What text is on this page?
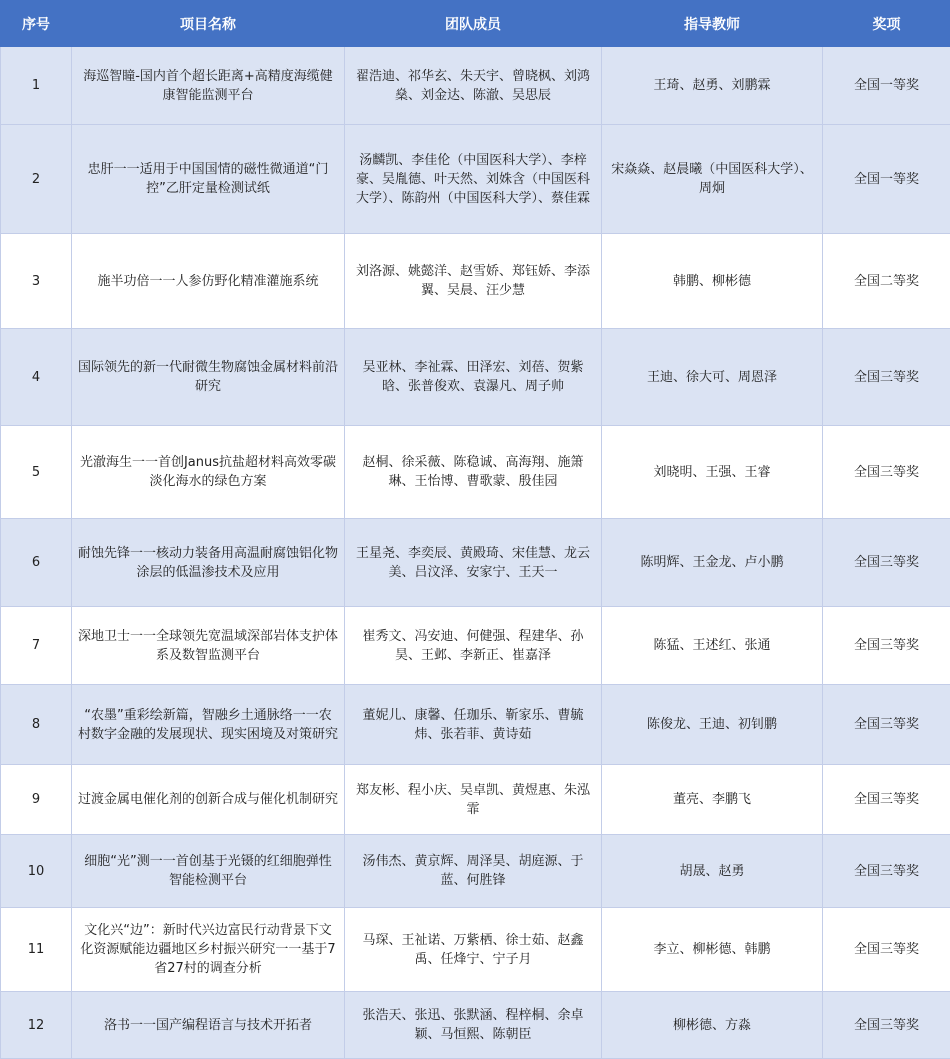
序号	项目名称	团队成员	指导教师	奖项
1	海巡智瞳-国内首个超长距离+高精度海缆健康智能监测平台	翟浩迪、祁华玄、朱天宇、曾晓枫、刘鸿燊、刘金达、陈澈、吴思辰	王琦、赵勇、刘鹏霖	全国一等奖
2	忠肝一一适用于中国国情的磁性微通道“门控”乙肝定量检测试纸	汤麟凯、李佳伦（中国医科大学）、李梓豪、吴胤德、叶天然、刘姝含（中国医科大学）、陈韵州（中国医科大学）、蔡佳霖	宋焱焱、赵晨曦（中国医科大学）、周炯	全国一等奖
3	施半功倍一一人参仿野化精准灌施系统	刘洛源、姚懿洋、赵雪娇、郑钰娇、李添翼、吴晨、汪少慧	韩鹏、柳彬德	全国二等奖
4	国际领先的新一代耐微生物腐蚀金属材料前沿研究	吴亚林、李祉霖、田泽宏、刘蓓、贺紫晗、张普俊欢、袁瀑凡、周子帅	王迪、徐大可、周恩泽	全国三等奖
5	光澈海生一一首创Janus抗盐超材料高效零碳淡化海水的绿色方案	赵桐、徐采薇、陈稳诚、高海翔、施箫琳、王怡博、曹歌蒙、殷佳园	刘晓明、王强、王睿	全国三等奖
6	耐蚀先锋一一核动力装备用高温耐腐蚀铝化物涂层的低温渗技术及应用	王星尧、李奕辰、黄殿琦、宋佳慧、龙云美、吕汶泽、安家宁、王天一	陈明辉、王金龙、卢小鹏	全国三等奖
7	深地卫士一一全球领先宽温域深部岩体支护体系及数智监测平台	崔秀文、冯安迪、何健强、程建华、孙昊、王邺、李新正、崔嘉泽	陈猛、王述红、张通	全国三等奖
8	“农墨”重彩绘新篇，智融乡土通脉络一一农村数字金融的发展现状、现实困境及对策研究	董妮儿、康馨、任珈乐、靳家乐、曹毓炜、张若菲、黄诗茹	陈俊龙、王迪、初钊鹏	全国三等奖
9	过渡金属电催化剂的创新合成与催化机制研究	郑友彬、程小庆、吴卓凯、黄煜惠、朱泓霏	董亮、李鹏飞	全国三等奖
10	细胞“光”测一一首创基于光镊的红细胞弹性智能检测平台	汤伟杰、黄京辉、周泽昊、胡庭源、于蓝、何胜锋	胡晟、赵勇	全国三等奖
11	文化兴“边”：新时代兴边富民行动背景下文化资源赋能边疆地区乡村振兴研究一一基于7省27村的调查分析	马琛、王祉诺、万紫栖、徐士茹、赵鑫禹、任烽宁、宁子月	李立、柳彬德、韩鹏	全国三等奖
12	洛书一一国产编程语言与技术开拓者	张浩天、张迅、张默涵、程梓桐、余卓颖、马恒熙、陈朝臣	柳彬德、方淼	全国三等奖
